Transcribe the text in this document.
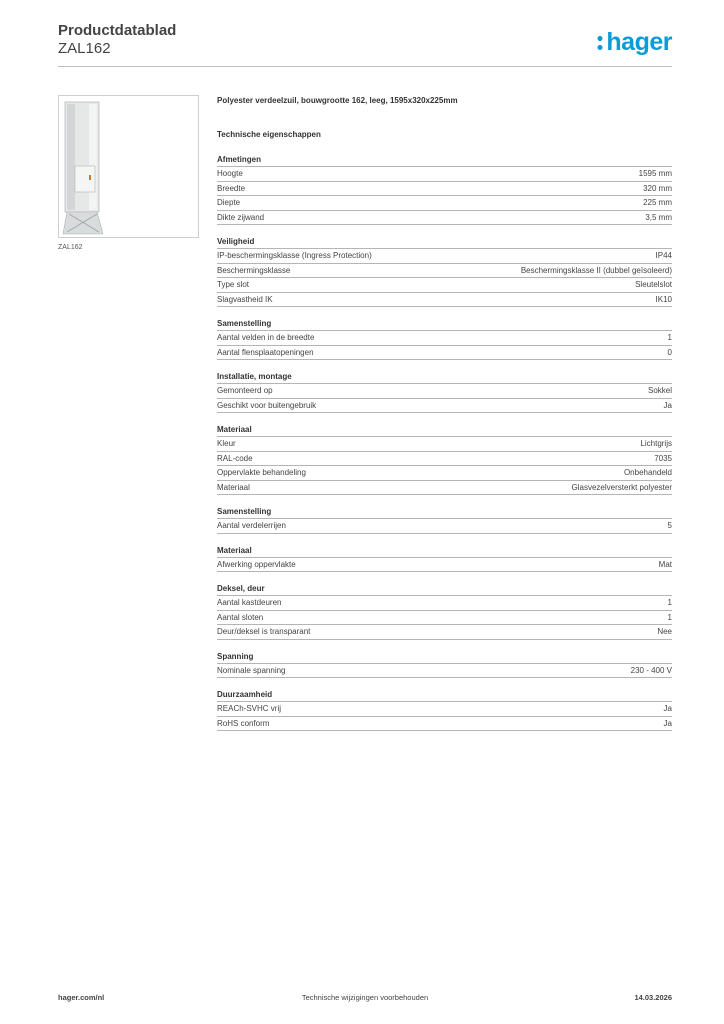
Productdatablad
ZAL162	hager
ZAL162
Polyester verdeelzuil, bouwgrootte 162, leeg, 1595x320x225mm
Technische eigenschappen
Afmetingen
Hoogte	1595 mm
Breedte	320 mm
Diepte	225 mm
Dikte zijwand	3,5 mm
Veiligheid
IP-beschermingsklasse (Ingress Protection)	IP44
Beschermingsklasse	Beschermingsklasse II (dubbel geïsoleerd)
Type slot	Sleutelslot
Slagvastheid IK	IK10
Samenstelling
Aantal velden in de breedte	1
Aantal flensplaatopeningen	0
Installatie, montage
Gemonteerd op	Sokkel
Geschikt voor buitengebruik	Ja
Materiaal
Kleur	Lichtgrijs
RAL-code	7035
Oppervlakte behandeling	Onbehandeld
Materiaal	Glasvezelversterkt polyester
Samenstelling
Aantal verdelerrijen	5
Materiaal
Afwerking oppervlakte	Mat
Deksel, deur
Aantal kastdeuren	1
Aantal sloten	1
Deur/deksel is transparant	Nee
Spanning
Nominale spanning	230 - 400 V
Duurzaamheid
REACh-SVHC vrij	Ja
RoHS conform	Ja
hager.com/nl	Technische wijzigingen voorbehouden	14.03.2026
